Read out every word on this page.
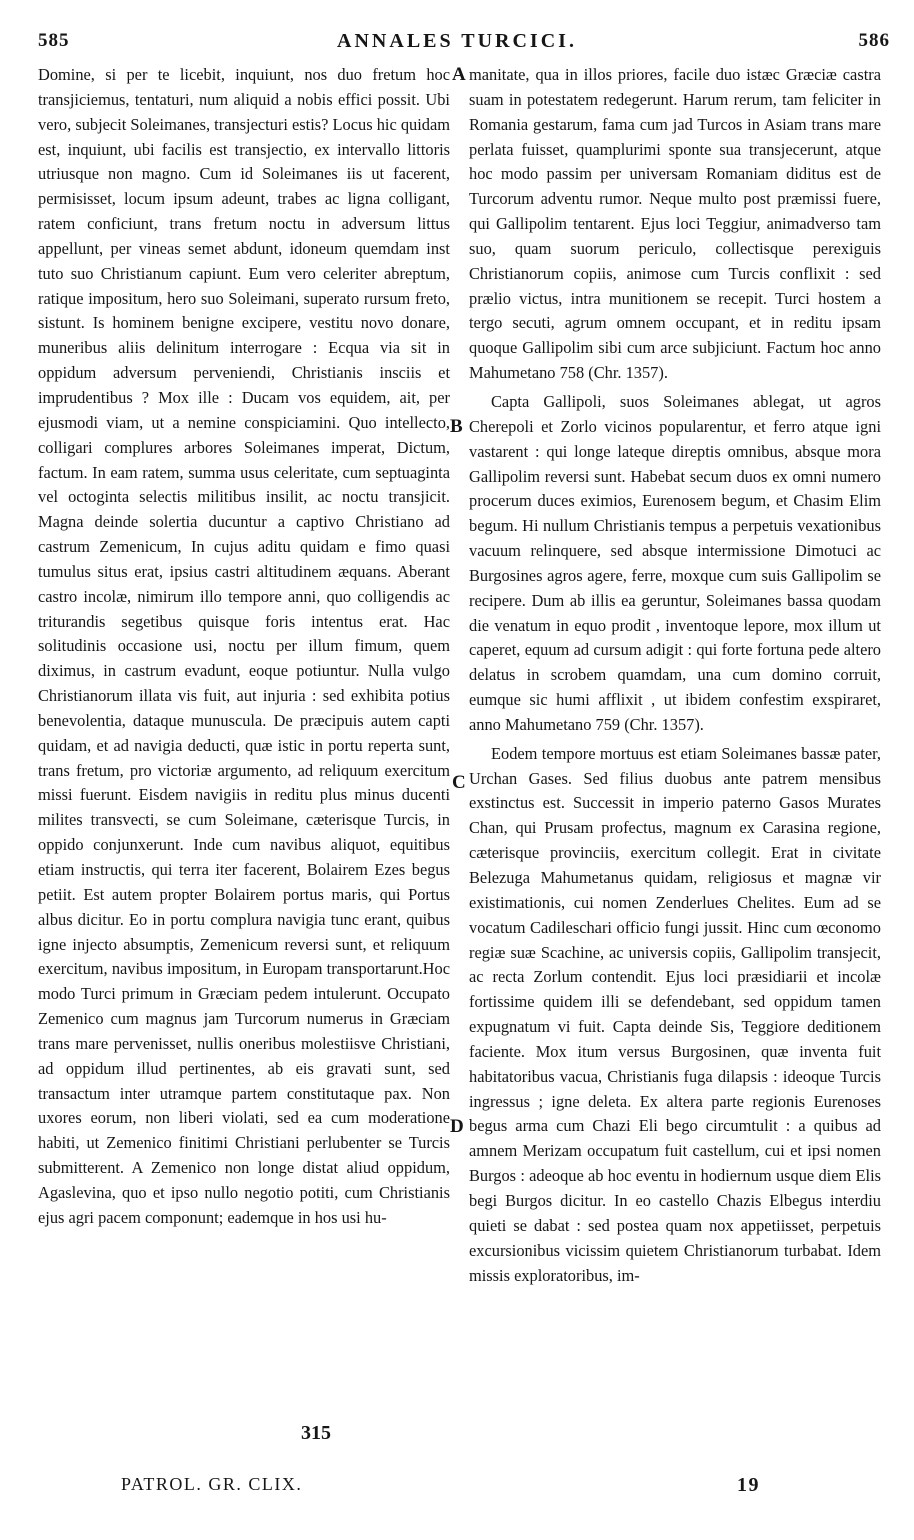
585	ANNALES TURCICI.	586

Domine, si per te licebit, inquiunt, nos duo fretum hoc transjiciemus, tentaturi, num aliquid a nobis effici possit. Ubi vero, subjecit Soleimanes, transjecturi estis? Locus hic quidam est, inquiunt, ubi facilis est transjectio, ex intervallo littoris utriusque non magno. Cum id Soleimanes iis ut facerent, permisisset, locum ipsum adeunt, trabes ac ligna colligant, ratem conficiunt, trans fretum noctu in adversum littus appellunt, per vineas semet abdunt, idoneum quemdam inst tuto suo Christianum capiunt. Eum vero celeriter abreptum, ratique impositum, hero suo Soleimani, superato rursum freto, sistunt. Is hominem benigne excipere, vestitu novo donare, muneribus aliis delinitum interrogare : Ecqua via sit in oppidum adversum perveniendi, Christianis insciis et imprudentibus ? Mox ille : Ducam vos equidem, ait, per ejusmodi viam, ut a nemine conspiciamini. Quo intellecto, colligari complures arbores Soleimanes imperat, Dictum, factum. In eam ratem, summa usus celeritate, cum septuaginta vel octoginta selectis militibus insilit, ac noctu transjicit. Magna deinde solertia ducuntur a captivo Christiano ad castrum Zemenicum, In cujus aditu quidam e fimo quasi tumulus situs erat, ipsius castri altitudinem æquans. Aberant castro incolæ, nimirum illo tempore anni, quo colligendis ac triturandis segetibus quisque foris intentus erat. Hac solitudinis occasione usi, noctu per illum fimum, quem diximus, in castrum evadunt, eoque potiuntur. Nulla vulgo Christianorum illata vis fuit, aut injuria : sed exhibita potius benevolentia, dataque munuscula. De præcipuis autem capti quidam, et ad navigia deducti, quæ istic in portu reperta sunt, trans fretum, pro victoriæ argumento, ad reliquum exercitum missi fuerunt. Eisdem navigiis in reditu plus minus ducenti milites transvecti, se cum Soleimane, cæterisque Turcis, in oppido conjunxerunt. Inde cum navibus aliquot, equitibus etiam instructis, qui terra iter facerent, Bolairem Ezes begus petiit. Est autem propter Bolairem portus maris, qui Portus albus dicitur. Eo in portu complura navigia tunc erant, quibus igne injecto absumptis, Zemenicum reversi sunt, et reliquum exercitum, navibus impositum, in Europam transportarunt.Hoc modo Turci primum in Græciam pedem intulerunt. Occupato Zemenico cum magnus jam Turcorum numerus in Græciam trans mare pervenisset, nullis oneribus molestiisve Christiani, ad oppidum illud pertinentes, ab eis gravati sunt, sed transactum inter utramque partem constitutaque pax. Non uxores eorum, non liberi violati, sed ea cum moderatione habiti, ut Zemenico finitimi Christiani perlubenter se Turcis submitterent. A Zemenico non longe distat aliud oppidum, Agaslevina, quo et ipso nullo negotio potiti, cum Christianis ejus agri pacem componunt; eademque in hos usi hu-

A
B
C
D

manitate, qua in illos priores, facile duo istæc Græciæ castra suam in potestatem redegerunt. Harum rerum, tam feliciter in Romania gestarum, fama cum jad Turcos in Asiam trans mare perlata fuisset, quamplurimi sponte sua transjecerunt, atque hoc modo passim per universam Romaniam diditus est de Turcorum adventu rumor. Neque multo post præmissi fuere, qui Gallipolim tentarent. Ejus loci Teggiur, animadverso tam suo, quam suorum periculo, collectisque perexiguis Christianorum copiis, animose cum Turcis conflixit : sed prælio victus, intra munitionem se recepit. Turci hostem a tergo secuti, agrum omnem occupant, et in reditu ipsam quoque Gallipolim sibi cum arce subjiciunt. Factum hoc anno Mahumetano 758 (Chr. 1357).

Capta Gallipoli, suos Soleimanes ablegat, ut agros Cherepoli et Zorlo vicinos popularentur, et ferro atque igni vastarent : qui longe lateque direptis omnibus, absque mora Gallipolim reversi sunt. Habebat secum duos ex omni numero procerum duces eximios, Eurenosem begum, et Chasim Elim begum. Hi nullum Christianis tempus a perpetuis vexationibus vacuum relinquere, sed absque intermissione Dimotuci ac Burgosines agros agere, ferre, moxque cum suis Gallipolim se recipere. Dum ab illis ea geruntur, Soleimanes bassa quodam die venatum in equo prodit , inventoque lepore, mox illum ut caperet, equum ad cursum adigit : qui forte fortuna pede altero delatus in scrobem quamdam, una cum domino corruit, eumque sic humi afflixit , ut ibidem confestim exspiraret, anno Mahumetano 759 (Chr. 1357).

Eodem tempore mortuus est etiam Soleimanes bassæ pater, Urchan Gases. Sed filius duobus ante patrem mensibus exstinctus est. Successit in imperio paterno Gasos Murates Chan, qui Prusam profectus, magnum ex Carasina regione, cæterisque provinciis, exercitum collegit. Erat in civitate Belezuga Mahumetanus quidam, religiosus et magnæ vir existimationis, cui nomen Zenderlues Chelites. Eum ad se vocatum Cadileschari officio fungi jussit. Hinc cum œconomo regiæ suæ Scachine, ac universis copiis, Gallipolim transjecit, ac recta Zorlum contendit. Ejus loci præsidiarii et incolæ fortissime quidem illi se defendebant, sed oppidum tamen expugnatum vi fuit. Capta deinde Sis, Teggiore deditionem faciente. Mox itum versus Burgosinen, quæ inventa fuit habitatoribus vacua, Christianis fuga dilapsis : ideoque Turcis ingressus ; igne deleta. Ex altera parte regionis Eurenoses begus arma cum Chazi Eli bego circumtulit : a quibus ad amnem Merizam occupatum fuit castellum, cui et ipsi nomen Burgos : adeoque ab hoc eventu in hodiernum usque diem Elis begi Burgos dicitur. In eo castello Chazis Elbegus interdiu quieti se dabat : sed postea quam nox appetiisset, perpetuis excursionibus vicissim quietem Christianorum turbabat. Idem missis exploratoribus, im-

315
PATROL. GR. CLIX.	19
